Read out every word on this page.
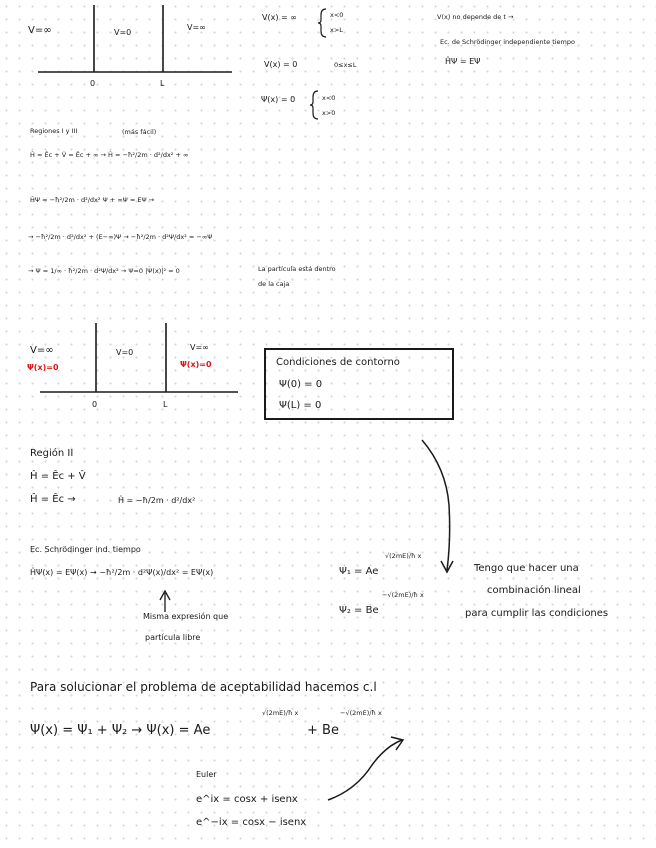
V=∞	V=0
V=∞
0	L
V(x) = ∞	x<0
x>L
V(x) = 0	0≤x≤L
Ψ(x) = 0	x<0
x>0
V(x) no depende de t →
Ec. de Schrödinger independiente tiempo
ĤΨ = EΨ
Regiones I y III	(más fácil)
Ĥ = Êc + V̂ = Êc + ∞ → Ĥ = −ħ²/2m · d²/dx² + ∞
ĤΨ = −ħ²/2m · d²/dx² Ψ + ∞Ψ = EΨ →
→ −ħ²/2m · d²/dx² + (E−∞)Ψ → −ħ²/2m · d²Ψ/dx² = −∞Ψ
→ Ψ = 1/∞ · ħ²/2m · d²Ψ/dx² → Ψ=0 |Ψ(x)|² = 0	La partícula está dentro
de la caja
V=∞
Ψ(x)=0
V=0
V=∞
Ψ(x)=0
0	L
Condiciones de contorno
Ψ(0) = 0
Ψ(L) = 0
Región II
Ĥ = Êc + V̂
Ĥ = Êc →	Ĥ = −ħ/2m · d²/dx²
Ec. Schrödinger ind. tiempo
ĤΨ(x) = EΨ(x) → −ħ²/2m · d²Ψ(x)/dx² = EΨ(x)
Misma expresión que
partícula libre
Ψ₁ = Ae
√(2mE)/ħ x
Ψ₂ = Be
−√(2mE)/ħ x
Tengo que hacer una
combinación lineal
para cumplir las condiciones
Para solucionar el problema de aceptabilidad hacemos c.l
Ψ(x) = Ψ₁ + Ψ₂ → Ψ(x) = Ae
√(2mE)/ħ x
+ Be
−√(2mE)/ħ x
Euler
e^ix = cosx + isenx
e^−ix = cosx − isenx
